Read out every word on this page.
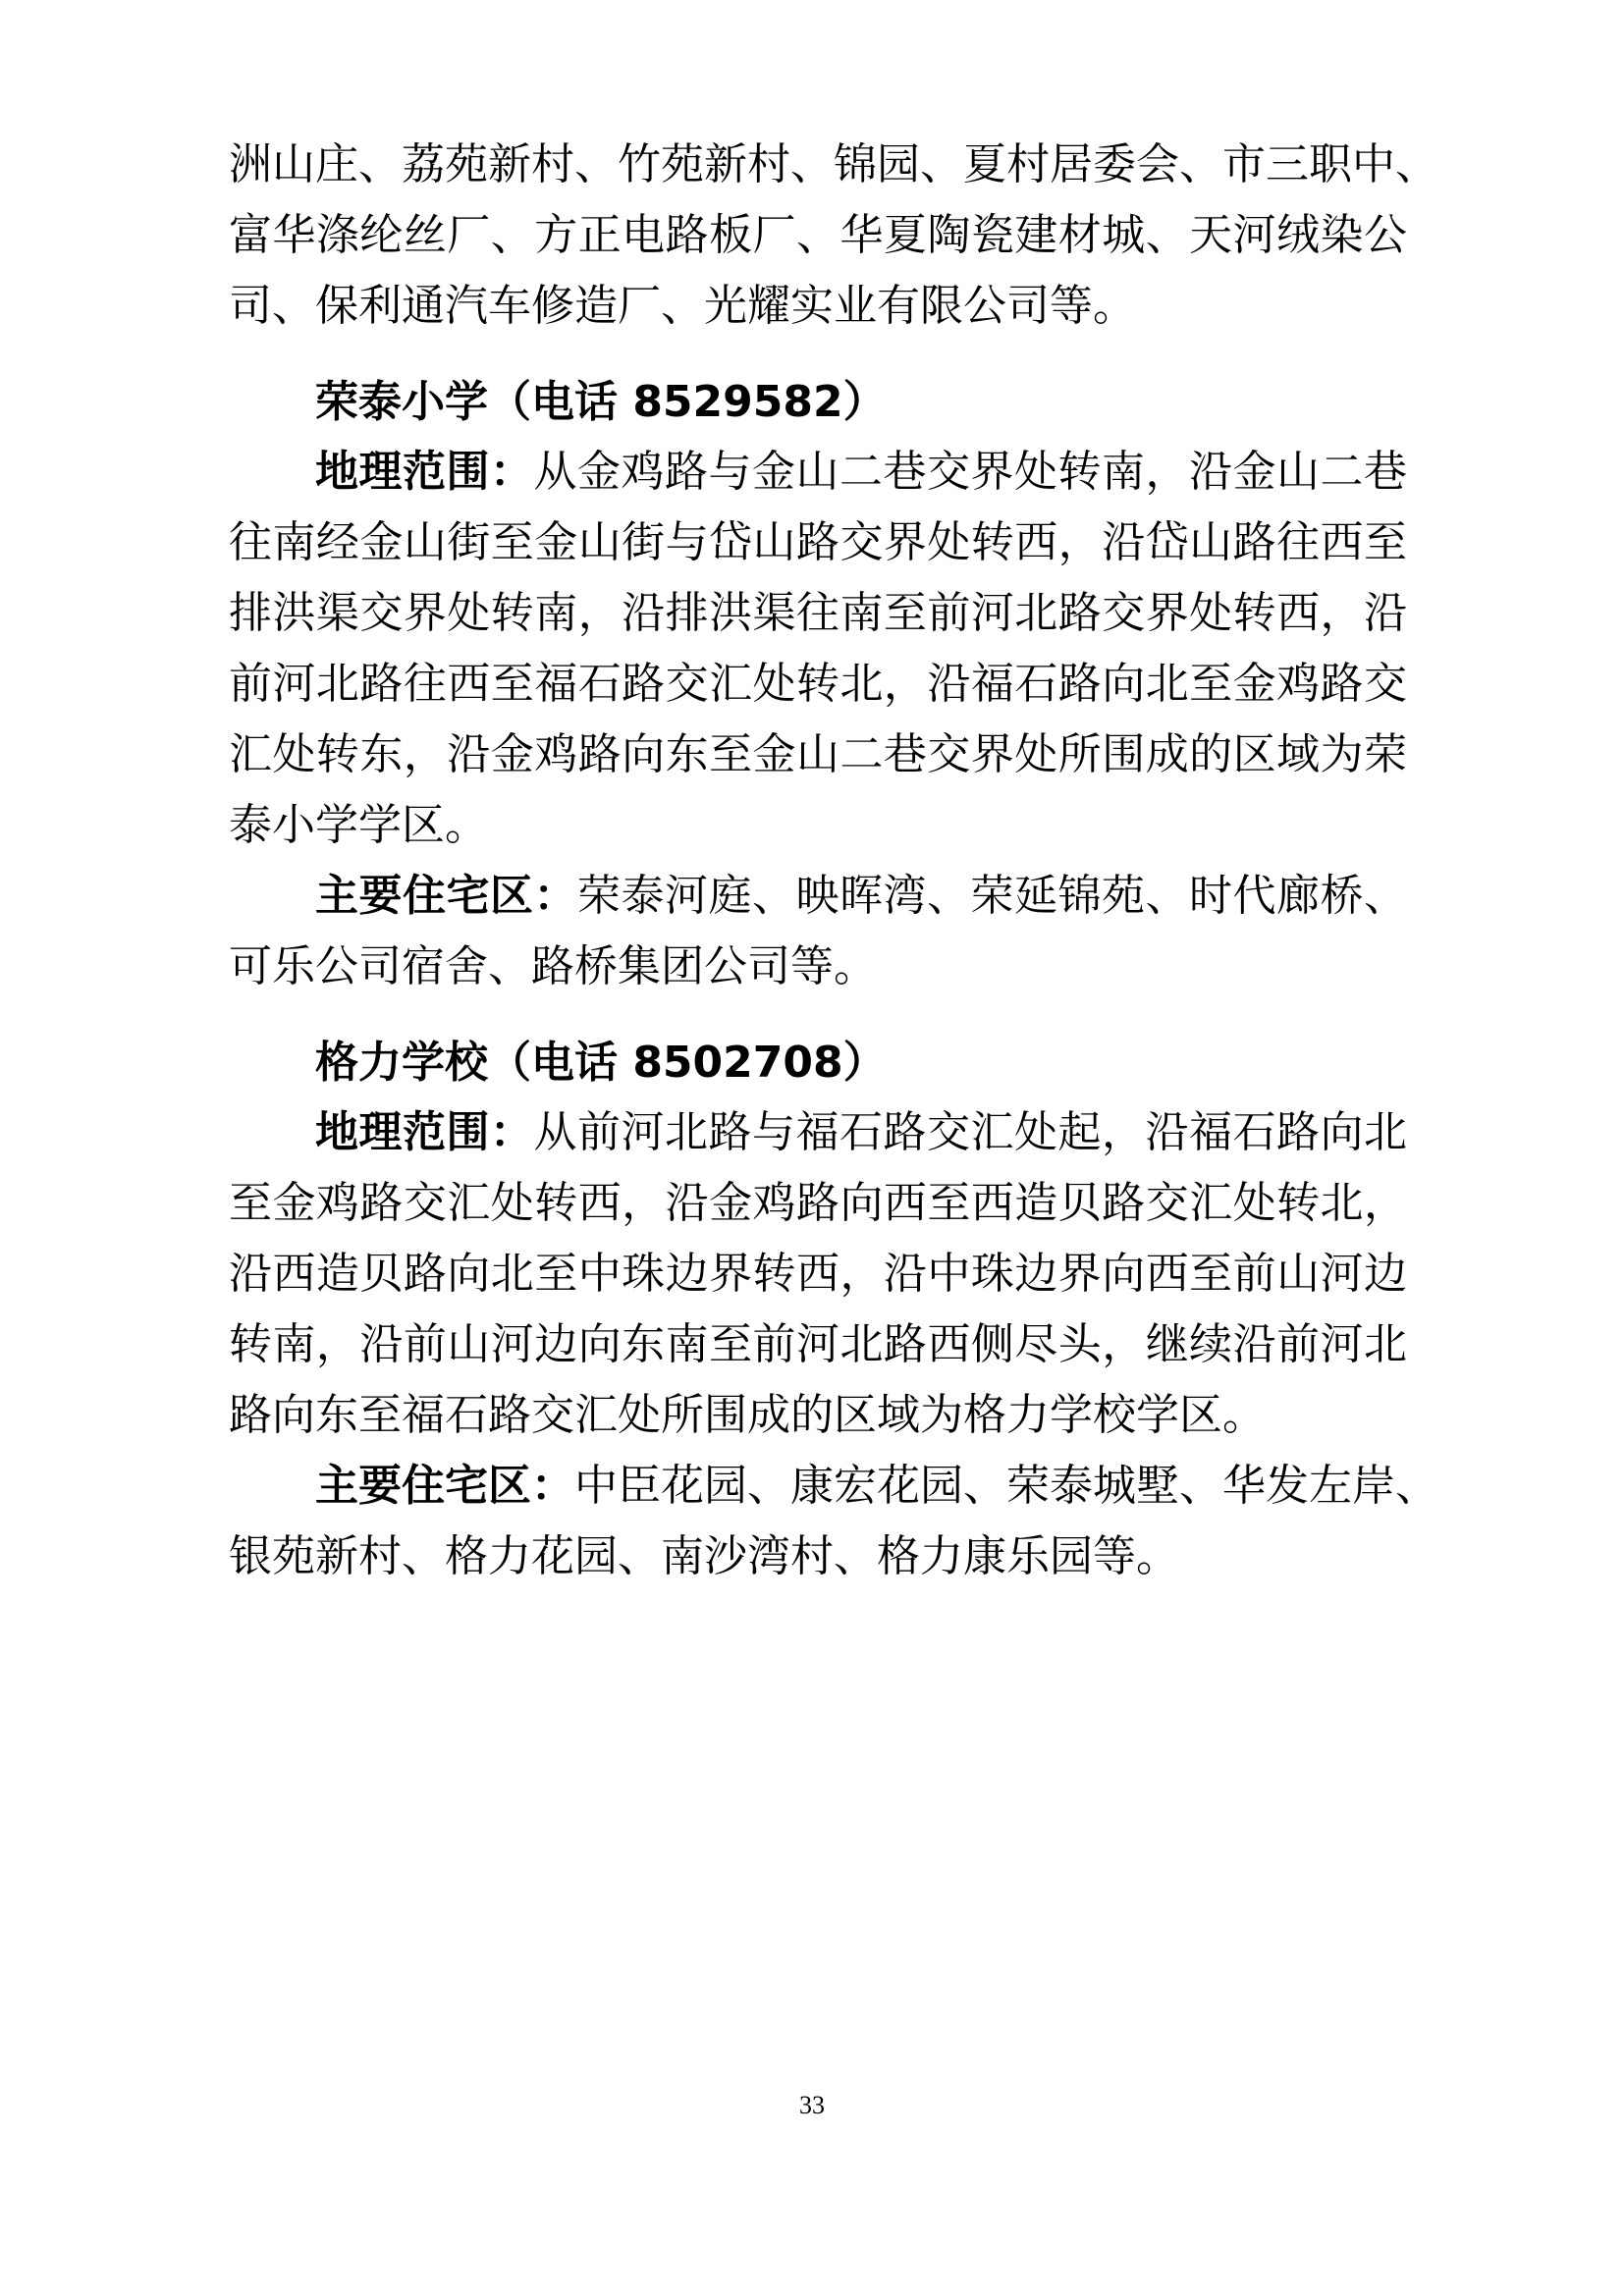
洲山庄、荔苑新村、竹苑新村、锦园、夏村居委会、市三职中、
富华涤纶丝厂、方正电路板厂、华夏陶瓷建材城、天河绒染公
司、保利通汽车修造厂、光耀实业有限公司等。
荣泰小学（电话 8529582）
地理范围：从金鸡路与金山二巷交界处转南，沿金山二巷
往南经金山街至金山街与岱山路交界处转西，沿岱山路往西至
排洪渠交界处转南，沿排洪渠往南至前河北路交界处转西，沿
前河北路往西至福石路交汇处转北，沿福石路向北至金鸡路交
汇处转东，沿金鸡路向东至金山二巷交界处所围成的区域为荣
泰小学学区。
主要住宅区：荣泰河庭、映晖湾、荣延锦苑、时代廊桥、
可乐公司宿舍、路桥集团公司等。
格力学校（电话 8502708）
地理范围：从前河北路与福石路交汇处起，沿福石路向北
至金鸡路交汇处转西，沿金鸡路向西至西造贝路交汇处转北，
沿西造贝路向北至中珠边界转西，沿中珠边界向西至前山河边
转南，沿前山河边向东南至前河北路西侧尽头，继续沿前河北
路向东至福石路交汇处所围成的区域为格力学校学区。
主要住宅区：中臣花园、康宏花园、荣泰城墅、华发左岸、
银苑新村、格力花园、南沙湾村、格力康乐园等。
33
